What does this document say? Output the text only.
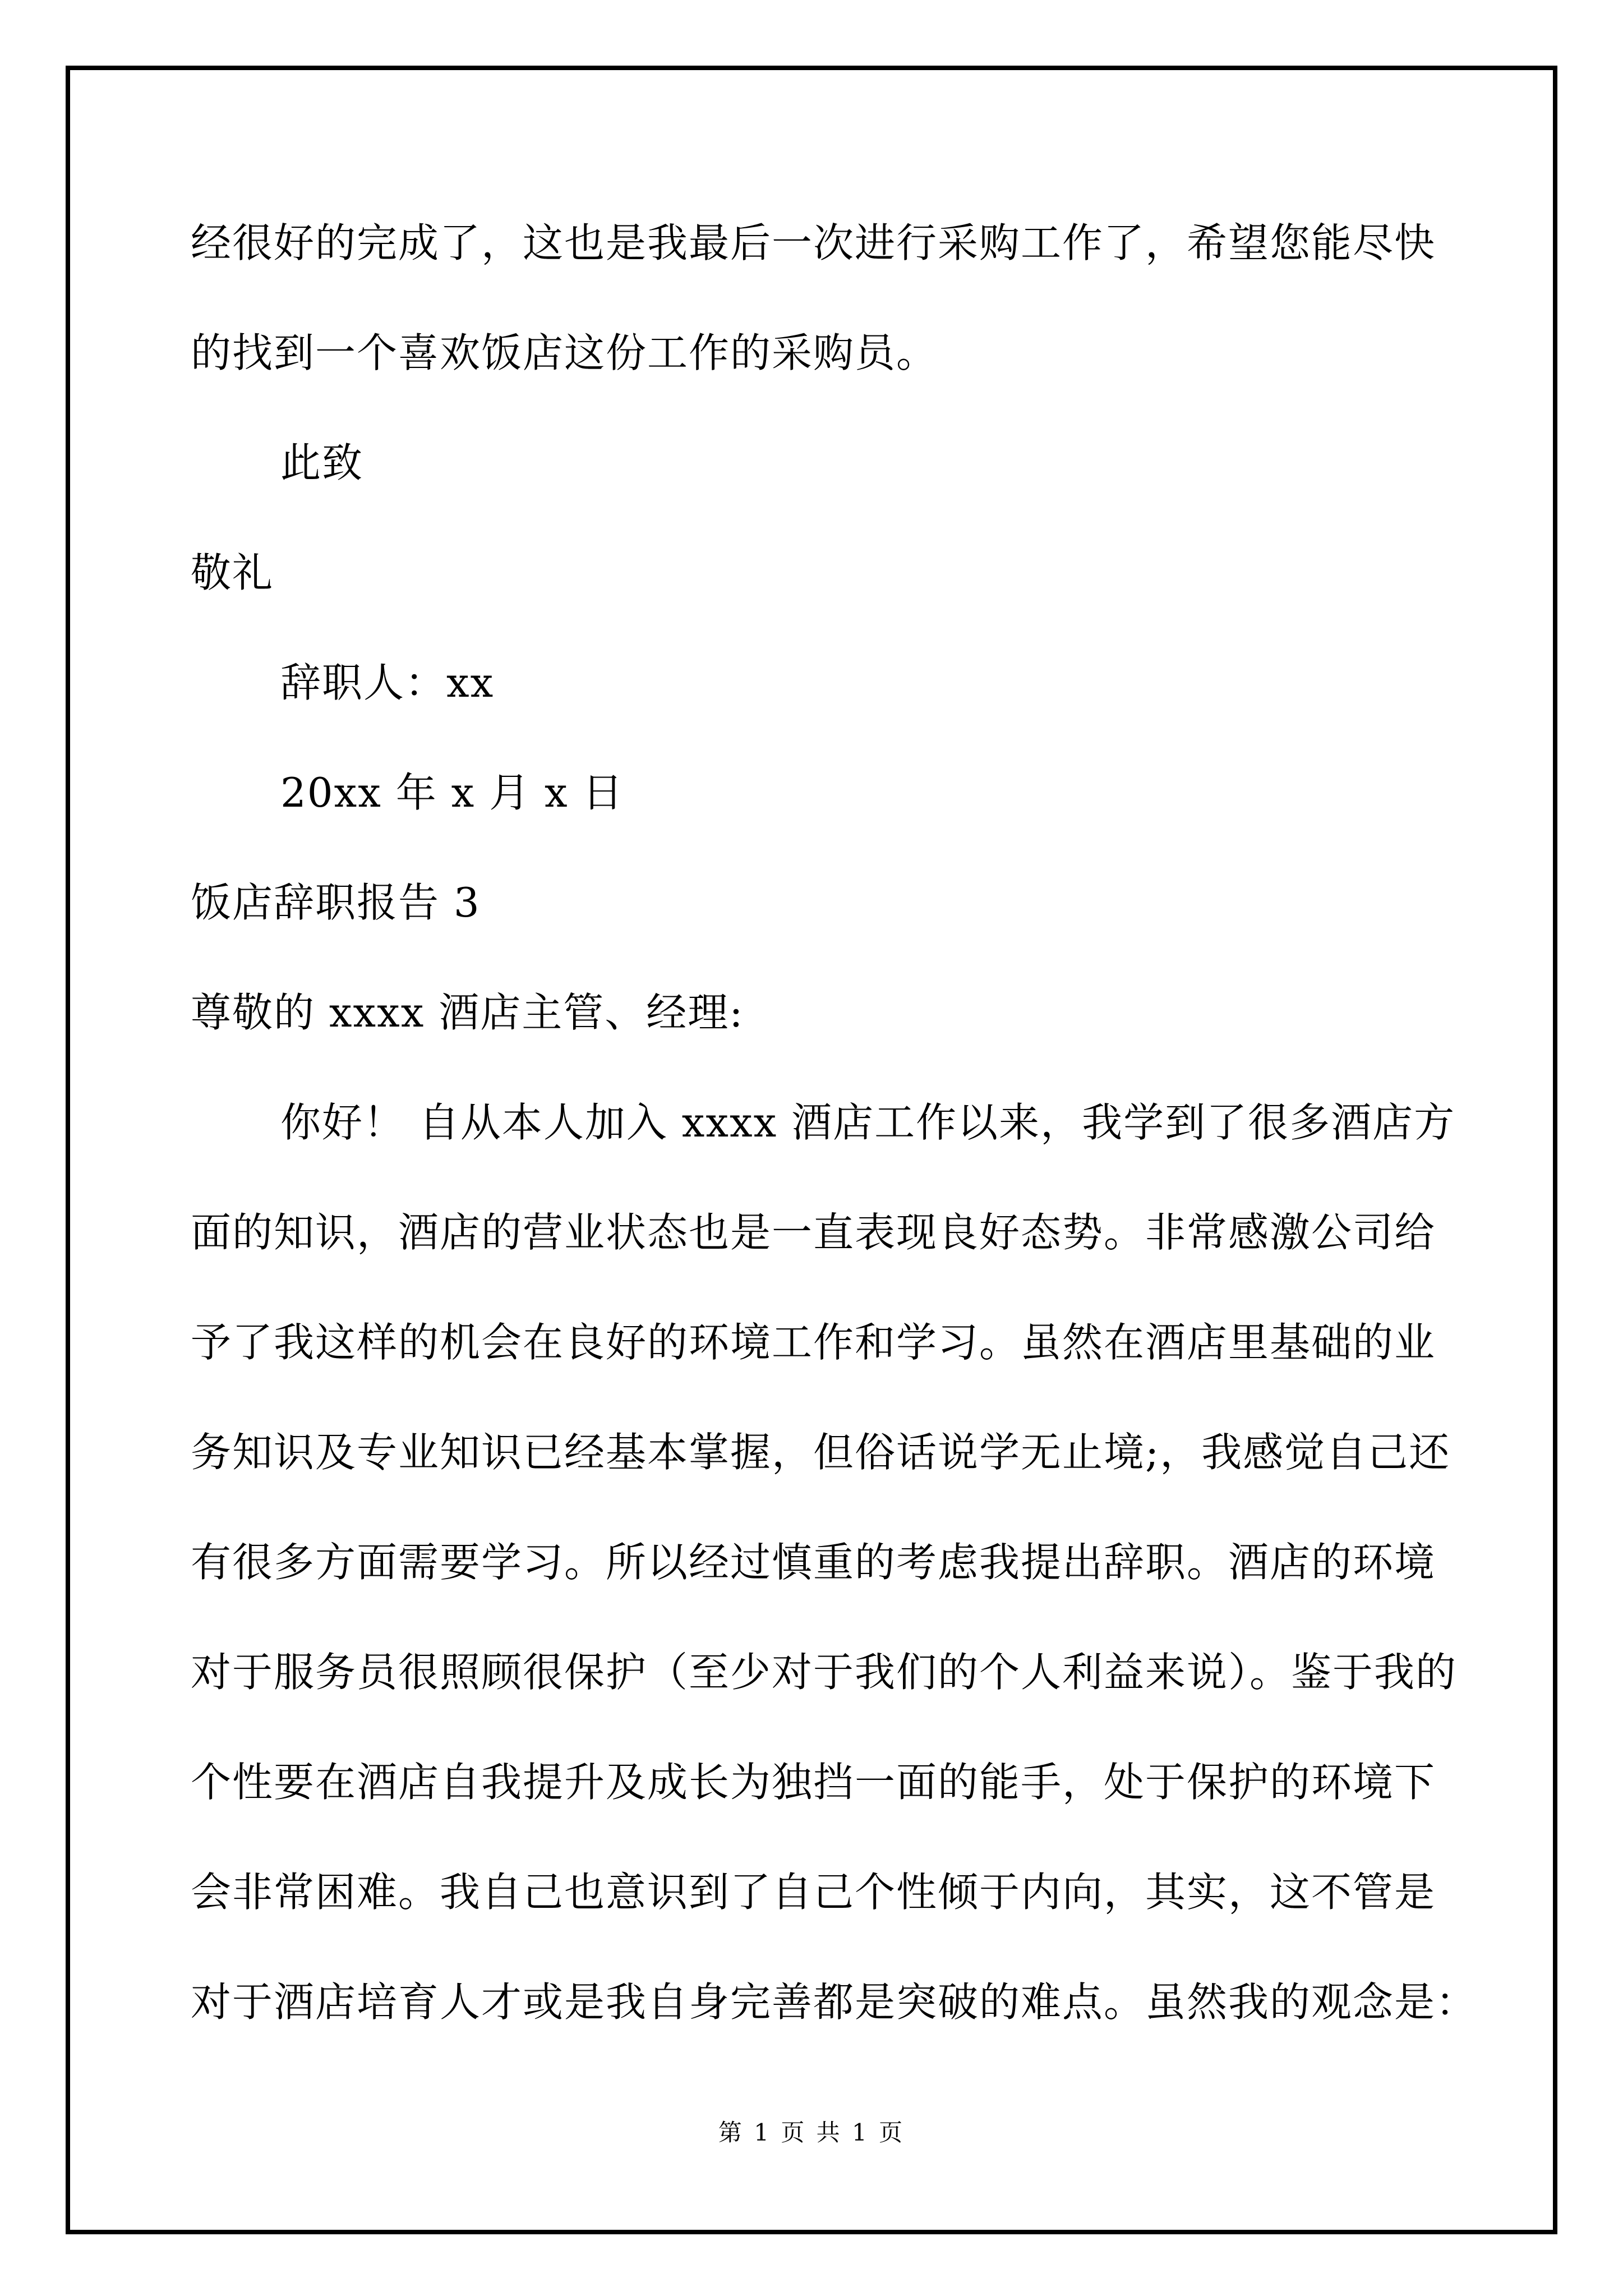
经很好的完成了，这也是我最后一次进行采购工作了，希望您能尽快
的找到一个喜欢饭店这份工作的采购员。
此致
敬礼
辞职人：xx
20xx 年 x 月 x 日
饭店辞职报告 3
尊敬的 xxxx 酒店主管、经理:
你好！ 自从本人加入 xxxx 酒店工作以来，我学到了很多酒店方
面的知识，酒店的营业状态也是一直表现良好态势。非常感激公司给
予了我这样的机会在良好的环境工作和学习。虽然在酒店里基础的业
务知识及专业知识已经基本掌握，但俗话说学无止境;，我感觉自己还
有很多方面需要学习。所以经过慎重的考虑我提出辞职。酒店的环境
对于服务员很照顾很保护（至少对于我们的个人利益来说）。鉴于我的
个性要在酒店自我提升及成长为独挡一面的能手，处于保护的环境下
会非常困难。我自己也意识到了自己个性倾于内向，其实，这不管是
对于酒店培育人才或是我自身完善都是突破的难点。虽然我的观念是：
第 1 页 共 1 页
